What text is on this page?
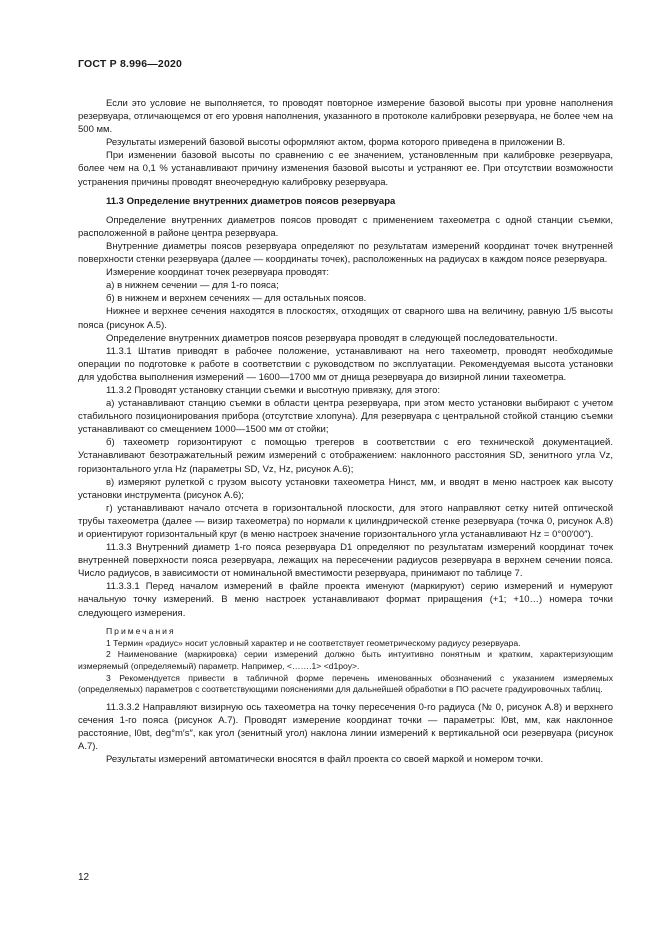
ГОСТ Р 8.996—2020

Если это условие не выполняется, то проводят повторное измерение базовой высоты при уровне наполнения резервуара, отличающемся от его уровня наполнения, указанного в протоколе калибровки резервуара, не более чем на 500 мм.

Результаты измерений базовой высоты оформляют актом, форма которого приведена в приложении В.

При изменении базовой высоты по сравнению с ее значением, установленным при калибровке резервуара, более чем на 0,1 % устанавливают причину изменения базовой высоты и устраняют ее. При отсутствии возможности устранения причины проводят внеочередную калибровку резервуара.

11.3 Определение внутренних диаметров поясов резервуара

Определение внутренних диаметров поясов проводят с применением тахеометра с одной станции съемки, расположенной в районе центра резервуара.

Внутренние диаметры поясов резервуара определяют по результатам измерений координат точек внутренней поверхности стенки резервуара (далее — координаты точек), расположенных на радиусах в каждом поясе резервуара.

Измерение координат точек резервуара проводят:

а) в нижнем сечении — для 1-го пояса;

б) в нижнем и верхнем сечениях — для остальных поясов.

Нижнее и верхнее сечения находятся в плоскостях, отходящих от сварного шва на величину, равную 1/5 высоты пояса (рисунок А.5).

Определение внутренних диаметров поясов резервуара проводят в следующей последовательности.

11.3.1 Штатив приводят в рабочее положение, устанавливают на него тахеометр, проводят необходимые операции по подготовке к работе в соответствии с руководством по эксплуатации. Рекомендуемая высота установки для удобства выполнения измерений — 1600—1700 мм от днища резервуара до визирной линии тахеометра.

11.3.2 Проводят установку станции съемки и высотную привязку, для этого:

а) устанавливают станцию съемки в области центра резервуара, при этом место установки выбирают с учетом стабильного позиционирования прибора (отсутствие хлопуна). Для резервуара с центральной стойкой станцию съемки устанавливают со смещением 1000—1500 мм от стойки;

б) тахеометр горизонтируют с помощью трегеров в соответствии с его технической документацией. Устанавливают безотражательный режим измерений с отображением: наклонного расстояния SD, зенитного угла Vz, горизонтального угла Hz (параметры SD, Vz, Hz, рисунок А.6);

в) измеряют рулеткой с грузом высоту установки тахеометра Hинст, мм, и вводят в меню настроек как высоту установки инструмента (рисунок А.6);

г) устанавливают начало отсчета в горизонтальной плоскости, для этого направляют сетку нитей оптической трубы тахеометра (далее — визир тахеометра) по нормали к цилиндрической стенке резервуара (точка 0, рисунок А.8) и ориентируют горизонтальный круг (в меню настроек значение горизонтального угла устанавливают Hz = 0°00′00″).

11.3.3 Внутренний диаметр 1-го пояса резервуара D1 определяют по результатам измерений координат точек внутренней поверхности пояса резервуара, лежащих на пересечении радиусов резервуара в верхнем сечении пояса. Число радиусов, в зависимости от номинальной вместимости резервуара, принимают по таблице 7.

11.3.3.1 Перед началом измерений в файле проекта именуют (маркируют) серию измерений и нумеруют начальную точку измерений. В меню настроек устанавливают формат приращения (+1; +10…) номера точки следующего измерения.

Примечания

1 Термин «радиус» носит условный характер и не соответствует геометрическому радиусу резервуара.

2 Наименование (маркировка) серии измерений должно быть интуитивно понятным и кратким, характеризующим измеряемый (определяемый) параметр. Например, <…….1> <d1роу>.

3 Рекомендуется привести в табличной форме перечень именованных обозначений с указанием измеряемых (определяемых) параметров с соответствующими пояснениями для дальнейшей обработки в ПО расчете градуировочных таблиц.

11.3.3.2 Направляют визирную ось тахеометра на точку пересечения 0-го радиуса (№ 0, рисунок А.8) и верхнего сечения 1-го пояса (рисунок А.7). Проводят измерение координат точки — параметры: l0вt, мм, как наклонное расстояние, l0вt, deg°m′s″, как угол (зенитный угол) наклона линии измерений к вертикальной оси резервуара (рисунок А.7).

Результаты измерений автоматически вносятся в файл проекта со своей маркой и номером точки.

12
